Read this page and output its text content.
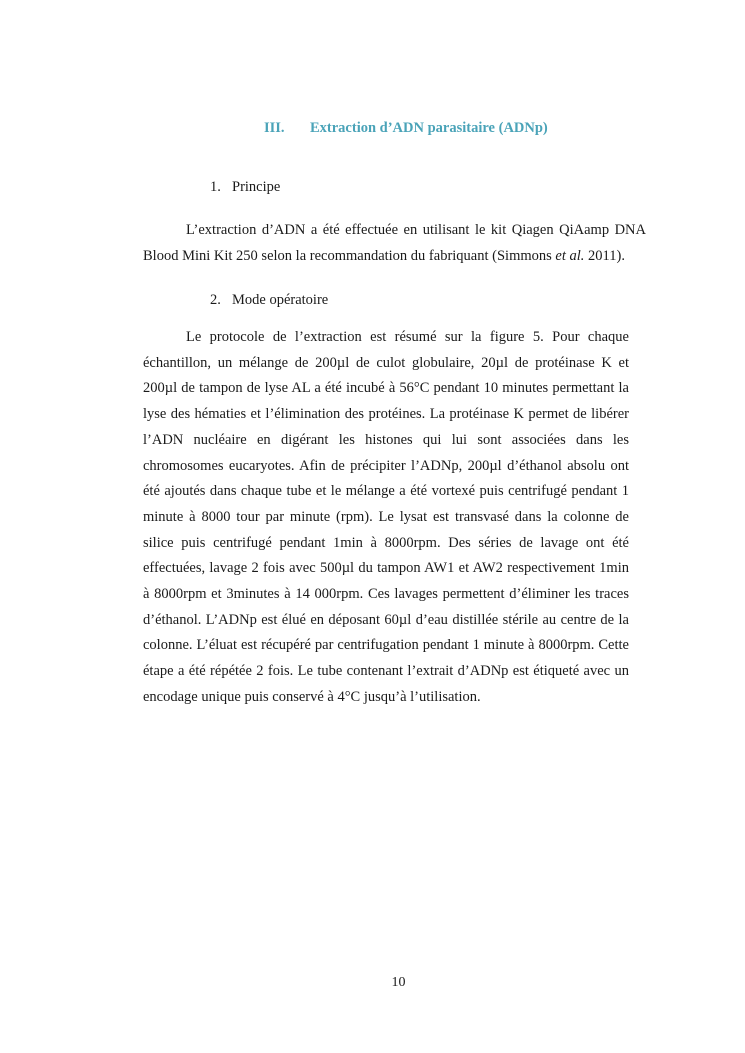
III. Extraction d’ADN parasitaire (ADNp)
1. Principe

L’extraction d’ADN a été effectuée en utilisant le kit Qiagen QiAamp DNA Blood Mini Kit 250 selon la recommandation du fabriquant (Simmons et al. 2011).

2. Mode opératoire

Le protocole de l’extraction est résumé sur la figure 5. Pour chaque échantillon, un mélange de 200µl de culot globulaire, 20µl de protéinase K et 200µl de tampon de lyse AL a été incubé à 56°C pendant 10 minutes permettant la lyse des hématies et l’élimination des protéines. La protéinase K permet de libérer l’ADN nucléaire en digérant les histones qui lui sont associées dans les chromosomes eucaryotes. Afin de précipiter l’ADNp, 200µl d’éthanol absolu ont été ajoutés dans chaque tube et le mélange a été vortexé puis centrifugé pendant 1 minute à 8000 tour par minute (rpm). Le lysat est transvasé dans la colonne de silice puis centrifugé pendant 1min à 8000rpm. Des séries de lavage ont été effectuées, lavage 2 fois avec 500µl du tampon AW1 et AW2 respectivement 1min à 8000rpm et 3minutes à 14 000rpm. Ces lavages permettent d’éliminer les traces d’éthanol. L’ADNp est élué en déposant 60µl d’eau distillée stérile au centre de la colonne. L’éluat est récupéré par centrifugation pendant 1 minute à 8000rpm. Cette étape a été répétée 2 fois. Le tube contenant l’extrait d’ADNp est étiqueté avec un encodage unique puis conservé à 4°C jusqu’à l’utilisation.

10
